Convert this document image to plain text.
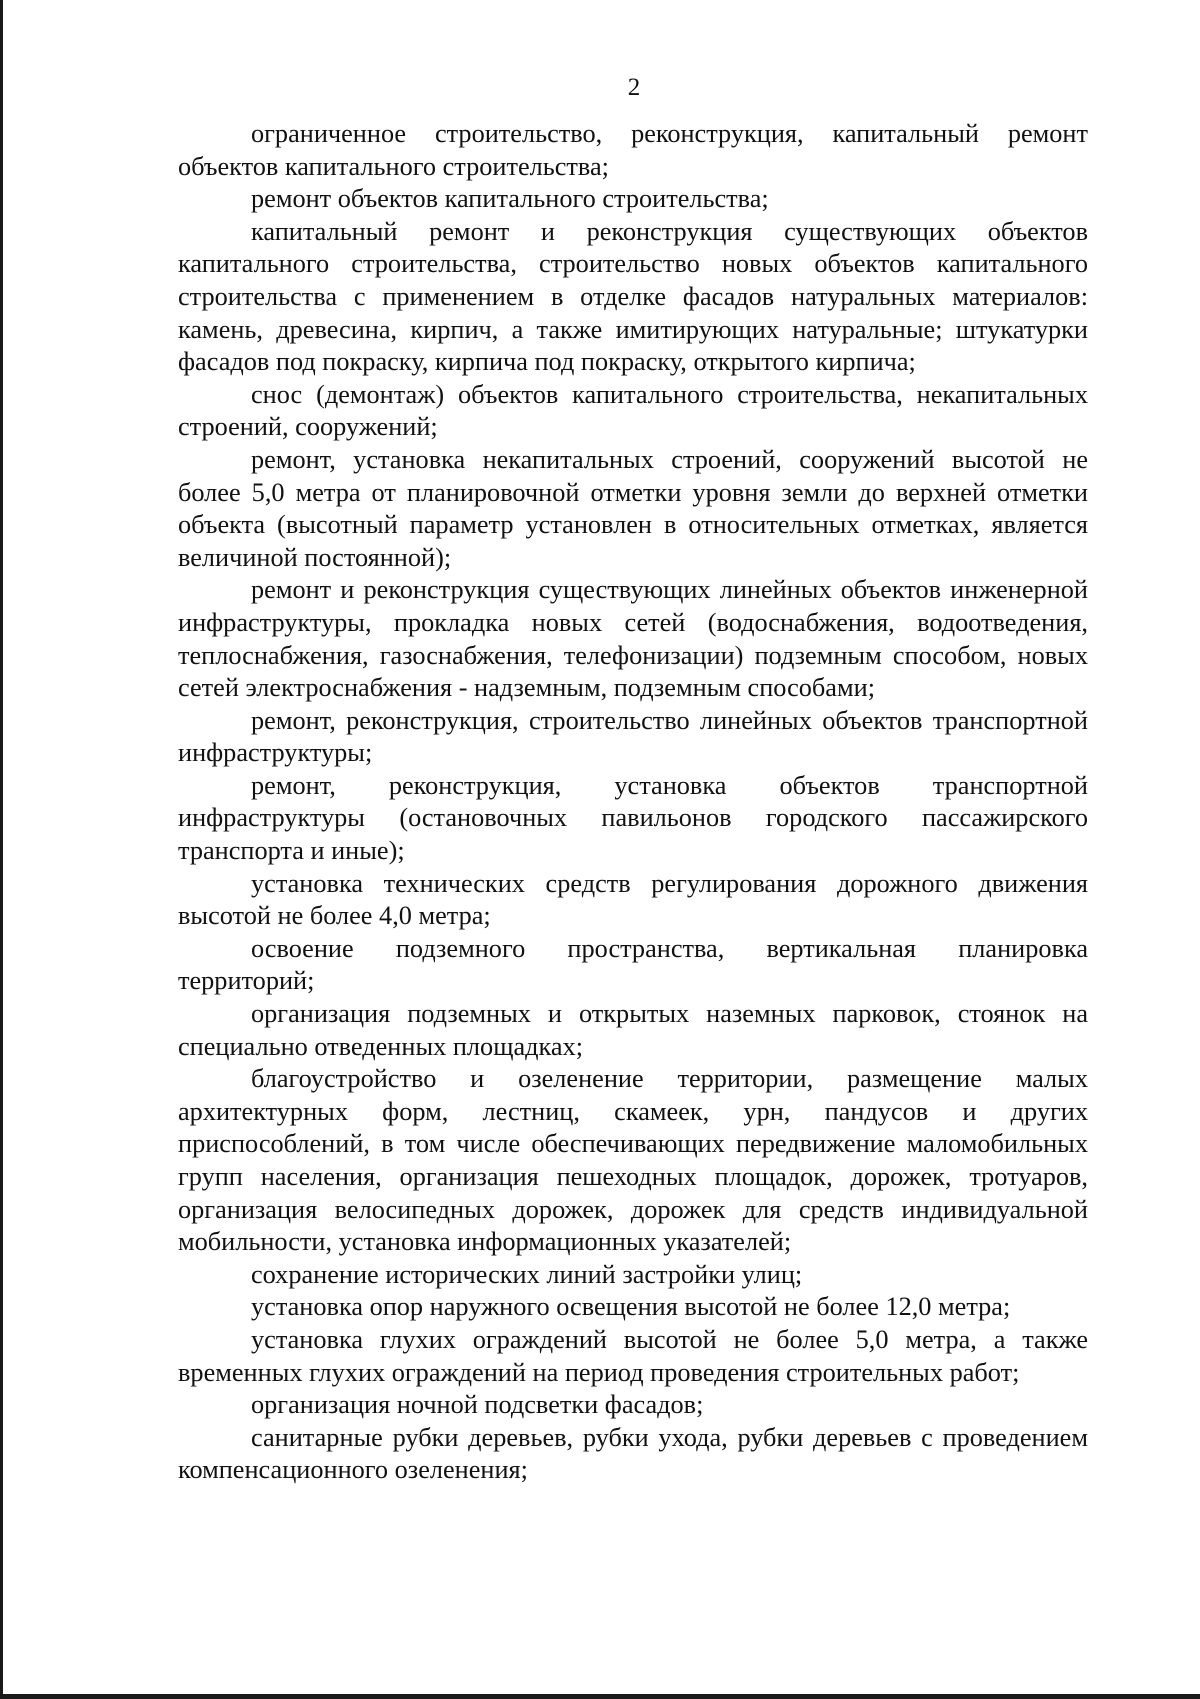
2

ограниченное строительство, реконструкция, капитальный ремонт объектов капитального строительства;

ремонт объектов капитального строительства;

капитальный ремонт и реконструкция существующих объектов капитального строительства, строительство новых объектов капитального строительства с применением в отделке фасадов натуральных материалов: камень, древесина, кирпич, а также имитирующих натуральные; штукатурки фасадов под покраску, кирпича под покраску, открытого кирпича;

снос (демонтаж) объектов капитального строительства, некапитальных строений, сооружений;

ремонт, установка некапитальных строений, сооружений высотой не более 5,0 метра от планировочной отметки уровня земли до верхней отметки объекта (высотный параметр установлен в относительных отметках, является величиной постоянной);

ремонт и реконструкция существующих линейных объектов инженерной инфраструктуры, прокладка новых сетей (водоснабжения, водоотведения, теплоснабжения, газоснабжения, телефонизации) подземным способом, новых сетей электроснабжения - надземным, подземным способами;

ремонт, реконструкция, строительство линейных объектов транспортной инфраструктуры;

ремонт, реконструкция, установка объектов транспортной инфраструктуры (остановочных павильонов городского пассажирского транспорта и иные);

установка технических средств регулирования дорожного движения высотой не более 4,0 метра;

освоение подземного пространства, вертикальная планировка территорий;

организация подземных и открытых наземных парковок, стоянок на специально отведенных площадках;

благоустройство и озеленение территории, размещение малых архитектурных форм, лестниц, скамеек, урн, пандусов и других приспособлений, в том числе обеспечивающих передвижение маломобильных групп населения, организация пешеходных площадок, дорожек, тротуаров, организация велосипедных дорожек, дорожек для средств индивидуальной мобильности, установка информационных указателей;

сохранение исторических линий застройки улиц;

установка опор наружного освещения высотой не более 12,0 метра;

установка глухих ограждений высотой не более 5,0 метра, а также временных глухих ограждений на период проведения строительных работ;

организация ночной подсветки фасадов;

санитарные рубки деревьев, рубки ухода, рубки деревьев с проведением компенсационного озеленения;
